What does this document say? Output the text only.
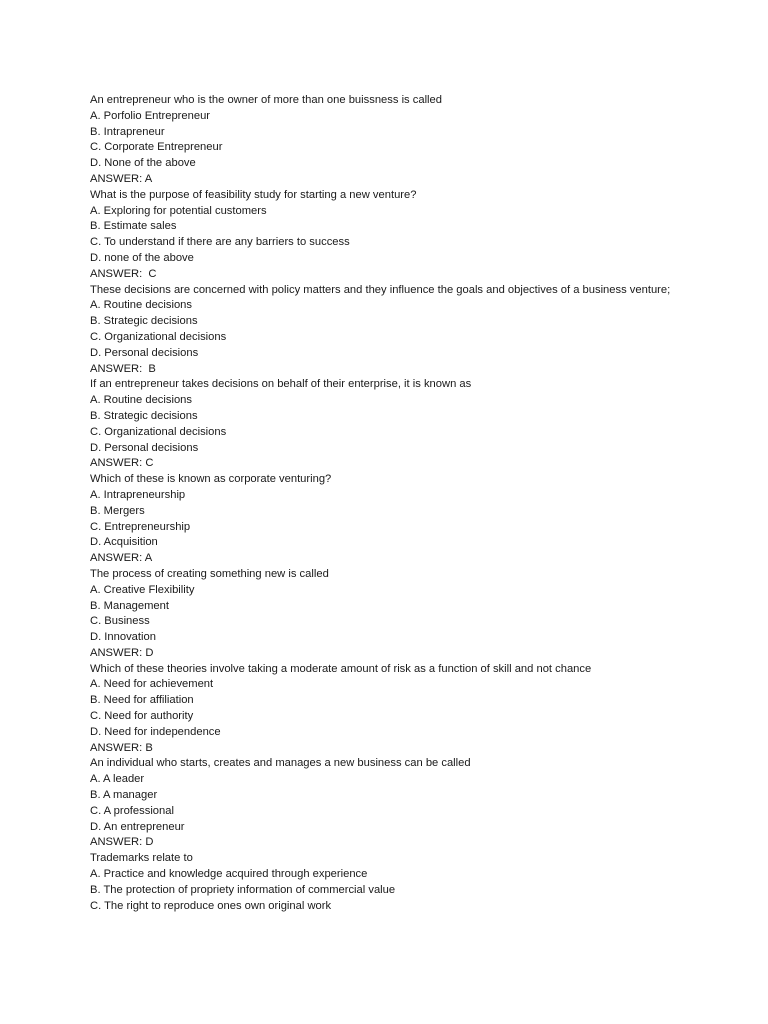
An entrepreneur who is the owner of more than one buissness is called
A. Porfolio Entrepreneur
B. Intrapreneur
C. Corporate Entrepreneur
D. None of the above
ANSWER: A
What is the purpose of feasibility study for starting a new venture?
A. Exploring for potential customers
B. Estimate sales
C. To understand if there are any barriers to success
D. none of the above
ANSWER:  C
These decisions are concerned with policy matters and they influence the goals and objectives of a business venture;
A. Routine decisions
B. Strategic decisions
C. Organizational decisions
D. Personal decisions
ANSWER:  B
If an entrepreneur takes decisions on behalf of their enterprise, it is known as
A. Routine decisions
B. Strategic decisions
C. Organizational decisions
D. Personal decisions
ANSWER: C
Which of these is known as corporate venturing?
A. Intrapreneurship
B. Mergers
C. Entrepreneurship
D. Acquisition
ANSWER: A
The process of creating something new is called
A. Creative Flexibility
B. Management
C. Business
D. Innovation
ANSWER: D
Which of these theories involve taking a moderate amount of risk as a function of skill and not chance
A. Need for achievement
B. Need for affiliation
C. Need for authority
D. Need for independence
ANSWER: B
An individual who starts, creates and manages a new business can be called
A. A leader
B. A manager
C. A professional
D. An entrepreneur
ANSWER: D
Trademarks relate to
A. Practice and knowledge acquired through experience
B. The protection of propriety information of commercial value
C. The right to reproduce ones own original work
